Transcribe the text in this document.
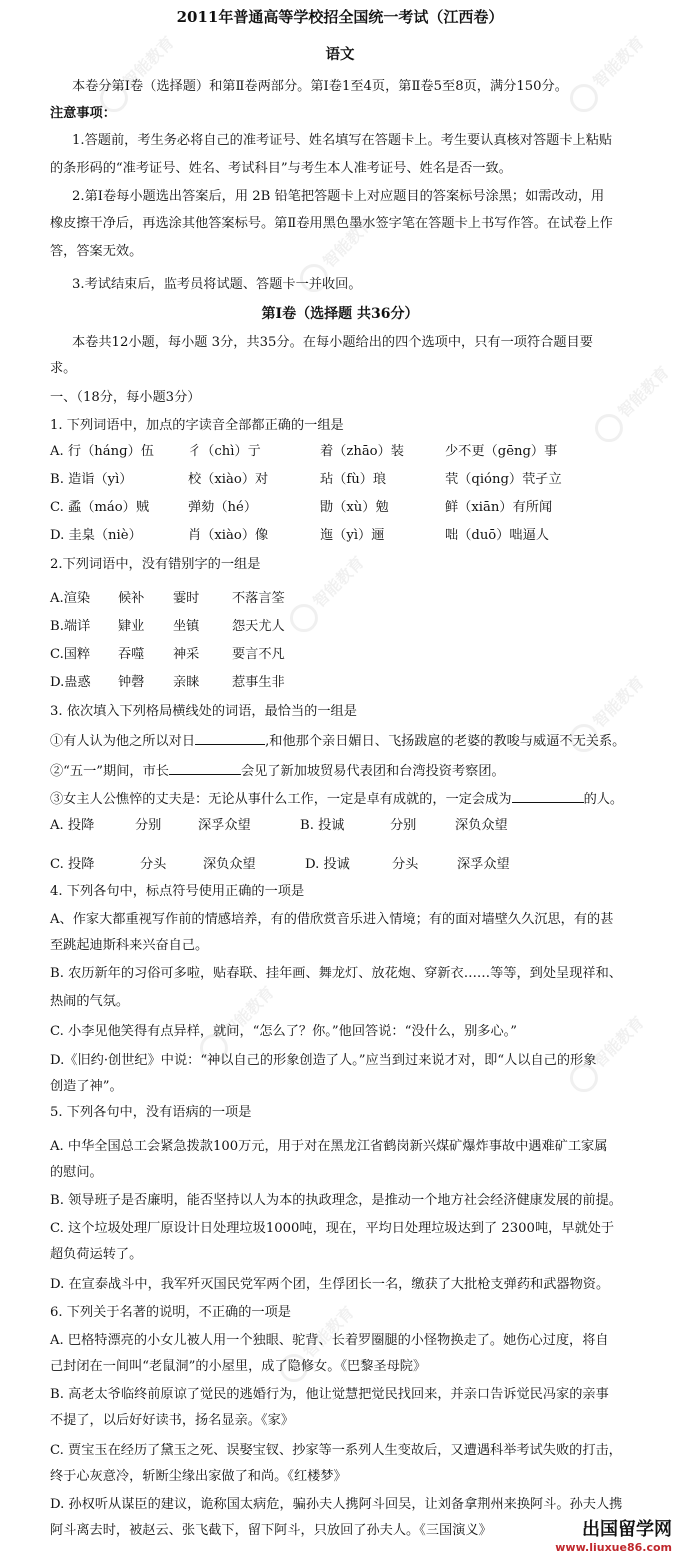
智能教育	智能教育
智能教育
智能教育
智能教育
智能教育
智能教育
智能教育
智能教育
2011年普通高等学校招全国统一考试（江西卷）
语文
本卷分第Ⅰ卷（选择题）和第Ⅱ卷两部分。第Ⅰ卷1至4页，第Ⅱ卷5至8页，满分150分。
注意事项：
1.答题前，考生务必将自己的准考证号、姓名填写在答题卡上。考生要认真核对答题卡上粘贴
的条形码的“准考证号、姓名、考试科目”与考生本人准考证号、姓名是否一致。
2.第Ⅰ卷每小题选出答案后，用 2B 铅笔把答题卡上对应题目的答案标号涂黑；如需改动，用
橡皮擦干净后，再选涂其他答案标号。第Ⅱ卷用黑色墨水签字笔在答题卡上书写作答。在试卷上作
答，答案无效。
3.考试结束后，监考员将试题、答题卡一并收回。
第Ⅰ卷（选择题 共36分）
本卷共12小题，每小题 3分，共35分。在每小题给出的四个选项中，只有一项符合题目要
求。
一、（18分，每小题3分）
1. 下列词语中，加点的字读音全部都正确的一组是
A. 行（hánɡ）伍	彳（chì）亍	着（zhāo）装	少不更（gēng）事
B. 造诣（yì）	校（xiào）对	玷（fù）琅	茕（qióng）茕孑立
C. 蟊（máo）贼	弹劾（hé）	勖（xù）勉	鲜（xiān）有所闻
D. 圭臬（niè）	肖（xiào）像	迤（yì）逦	咄（duō）咄逼人
2.下列词语中，没有错别字的一组是
A.渲染 候补 霎时 不落言筌
B.端详 肄业 坐镇 怨天尤人
C.国粹 吞噬 神采 要言不凡
D.蛊惑 钟磬 亲睐 惹事生非
3. 依次填入下列格局横线处的词语，最恰当的一组是
①有人认为他之所以对日	,和他那个亲日媚日、飞扬跋扈的老婆的教唆与威逼不无关系。
②“五一”期间，市长	会见了新加坡贸易代表团和台湾投资考察团。
③女主人公憔悴的丈夫是：无论从事什么工作，一定是卓有成就的，一定会成为	的人。
A. 投降	分别	深孚众望	B. 投诚	分别	深负众望
C. 投降	分头	深负众望	D. 投诚	分头	深孚众望
4. 下列各句中，标点符号使用正确的一项是
A、作家大都重视写作前的情感培养，有的借欣赏音乐进入情境；有的面对墙壁久久沉思，有的甚
至跳起迪斯科来兴奋自己。
B. 农历新年的习俗可多啦，贴春联、挂年画、舞龙灯、放花炮、穿新衣……等等，到处呈现祥和、
热闹的气氛。
C. 小李见他笑得有点异样，就问，“怎么了？你。”他回答说：“没什么，别多心。”
D.《旧约·创世纪》中说：“神以自己的形象创造了人。”应当到过来说才对，即“人以自己的形象
创造了神”。
5. 下列各句中，没有语病的一项是
A. 中华全国总工会紧急拨款100万元，用于对在黑龙江省鹤岗新兴煤矿爆炸事故中遇难矿工家属
的慰问。
B. 领导班子是否廉明，能否坚持以人为本的执政理念，是推动一个地方社会经济健康发展的前提。
C. 这个垃圾处理厂原设计日处理垃圾1000吨，现在，平均日处理垃圾达到了 2300吨，早就处于
超负荷运转了。
D. 在宣泰战斗中，我军歼灭国民党军两个团，生俘团长一名，缴获了大批枪支弹药和武器物资。
6. 下列关于名著的说明，不正确的一项是
A. 巴格特漂亮的小女儿被人用一个独眼、驼背、长着罗圈腿的小怪物换走了。她伤心过度，将自
己封闭在一间叫“老鼠洞”的小屋里，成了隐修女。《巴黎圣母院》
B. 高老太爷临终前原谅了觉民的逃婚行为，他让觉慧把觉民找回来，并亲口告诉觉民冯家的亲事
不提了，以后好好读书，扬名显亲。《家》
C. 贾宝玉在经历了黛玉之死、误娶宝钗、抄家等一系列人生变故后，又遭遇科举考试失败的打击，
终于心灰意冷，斩断尘缘出家做了和尚。《红楼梦》
D. 孙权听从谋臣的建议，诡称国太病危，骗孙夫人携阿斗回吴，让刘备拿荆州来换阿斗。孙夫人携
阿斗离去时，被赵云、张飞截下，留下阿斗，只放回了孙夫人。《三国演义》	出国留学网
www.liuxue86.com
